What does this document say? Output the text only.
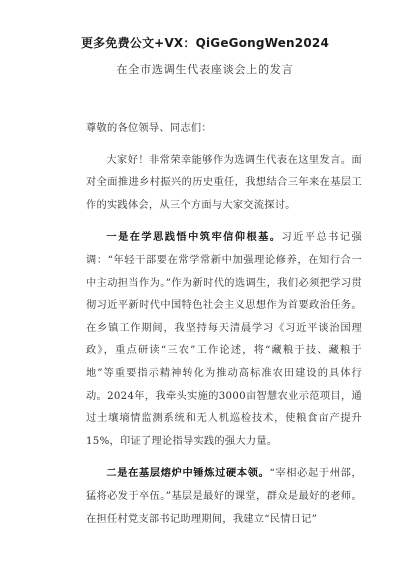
更多免费公文+VX：QiGeGongWen2024
在全市选调生代表座谈会上的发言

尊敬的各位领导、同志们：

大家好！非常荣幸能够作为选调生代表在这里发言。面对全面推进乡村振兴的历史重任，我想结合三年来在基层工作的实践体会，从三个方面与大家交流探讨。

一是在学思践悟中筑牢信仰根基。习近平总书记强调：“年轻干部要在常学常新中加强理论修养，在知行合一中主动担当作为。”作为新时代的选调生，我们必须把学习贯彻习近平新时代中国特色社会主义思想作为首要政治任务。在乡镇工作期间，我坚持每天清晨学习《习近平谈治国理政》，重点研读“三农”工作论述，将“藏粮于技、藏粮于地”等重要指示精神转化为推动高标准农田建设的具体行动。2024年，我牵头实施的3000亩智慧农业示范项目，通过土壤墒情监测系统和无人机巡检技术，使粮食亩产提升15%，印证了理论指导实践的强大力量。

二是在基层熔炉中锤炼过硬本领。“宰相必起于州部，猛将必发于卒伍。”基层是最好的课堂，群众是最好的老师。在担任村党支部书记助理期间，我建立“民情日记”
